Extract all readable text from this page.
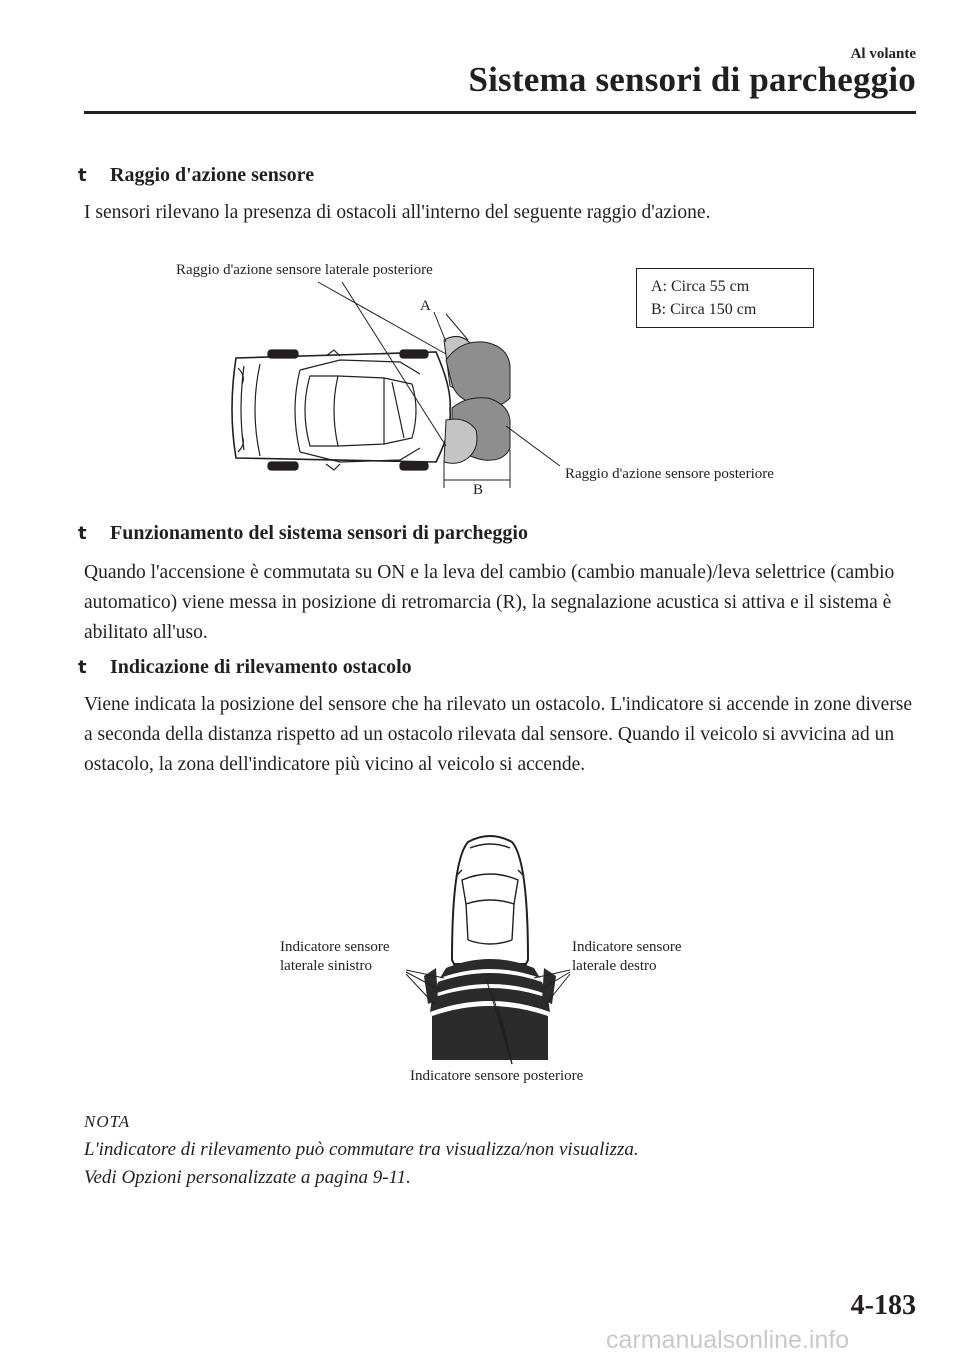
Al volante
Sistema sensori di parcheggio
t Raggio d'azione sensore

I sensori rilevano la presenza di ostacoli all'interno del seguente raggio d'azione.

Raggio d'azione sensore laterale posteriore
A
B
Raggio d'azione sensore posteriore
A: Circa 55 cm
B: Circa 150 cm
t Funzionamento del sistema sensori di parcheggio

Quando l'accensione è commutata su ON e la leva del cambio (cambio manuale)/leva selettrice (cambio automatico) viene messa in posizione di retromarcia (R), la segnalazione acustica si attiva e il sistema è abilitato all'uso.

t Indicazione di rilevamento ostacolo

Viene indicata la posizione del sensore che ha rilevato un ostacolo. L'indicatore si accende in zone diverse a seconda della distanza rispetto ad un ostacolo rilevata dal sensore. Quando il veicolo si avvicina ad un ostacolo, la zona dell'indicatore più vicino al veicolo si accende.

Indicatore sensore
laterale sinistro
Indicatore sensore
laterale destro
Indicatore sensore posteriore
NOTA
L'indicatore di rilevamento può commutare tra visualizza/non visualizza.
Vedi Opzioni personalizzate a pagina 9-11.
4-183
carmanualsonline.info
